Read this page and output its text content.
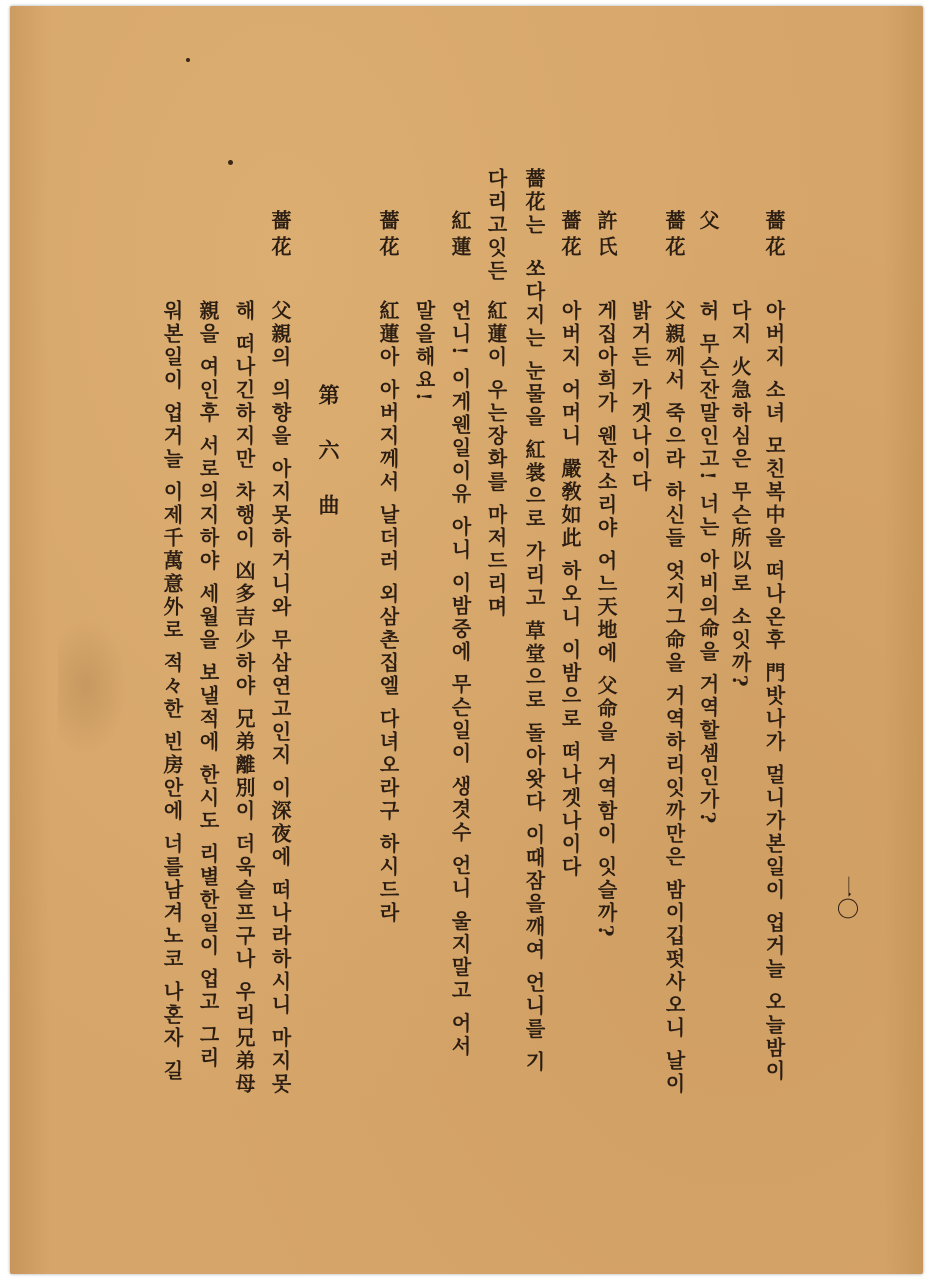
薔花
아버지 소녀 모친복中을 떠나온후 門밧나가 멀니가본일이 업거늘 오늘밤이
다지 火急하심은 무슨所以로 소잇까?
父
허 무슨잔말인고! 너는 아비의命을 거역할셈인가?
薔花
父親께서 죽으라 하신들 엇지그命을 거역하리잇까만은 밤이깁펏사오니 날이
밝거든 가겟나이다
許氏
게집아희가 웬잔소리야 어느天地에 父命을 거역함이 잇슬까?
薔花
아버지 어머니 嚴敎如此 하오니 이밤으로 떠나겟나이다
薔花는
쏘다지는 눈물을 紅裳으로 가리고 草堂으로 돌아왓다 이때잠을깨여 언니를 기
다리고잇든
紅蓮이 우는장화를 마저드리며
紅蓮
언니! 이게웬일이유 아니 이밤중에 무슨일이 생겻수 언니 울지말고 어서
말을해요!
薔花
紅蓮아 아버지께서 날더러 외삼촌집엘 다녀오라구 하시드라
第六曲
薔花
父親의 의향을 아지못하거니와 무삼연고인지 이深夜에 떠나라하시니 마지못
해 떠나긴하지만 차행이 凶多吉少하야 兄弟離別이 더욱슬프구나 우리兄弟母
親을 여인후 서로의지하야 세월을 보낼적에 한시도 리별한일이 업고 그리
워본일이 업거늘 이제千萬意外로 적々한 빈房안에 너를남겨노코 나혼자 길	一〇
